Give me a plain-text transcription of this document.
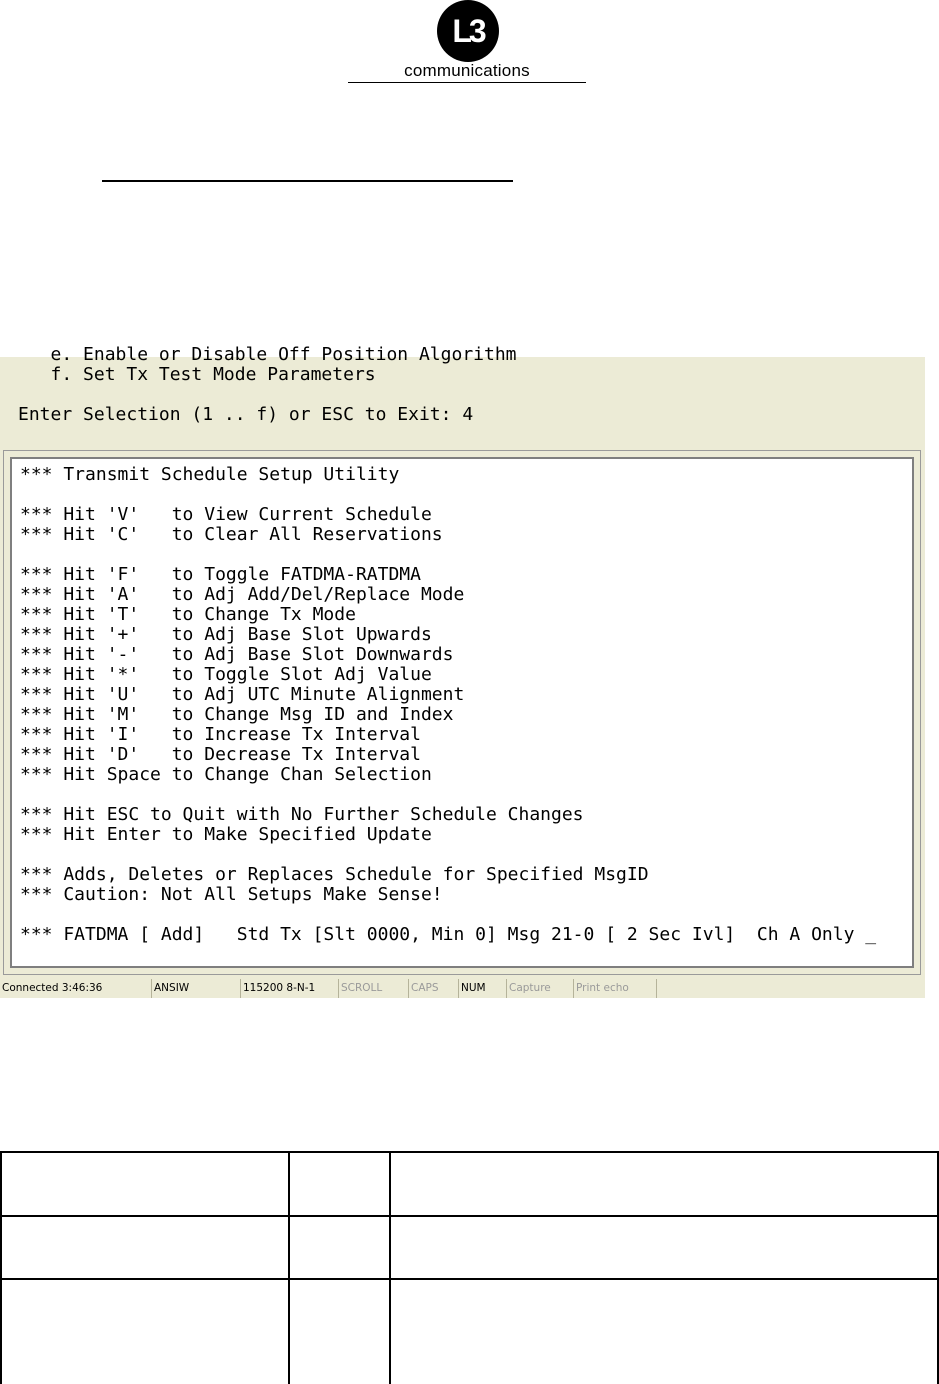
L3
communications
e. Enable or Disable Off Position Algorithm
f. Set Tx Test Mode Parameters
Enter Selection (1 .. f) or ESC to Exit: 4
*** Transmit Schedule Setup Utility
*** Hit 'V'   to View Current Schedule
*** Hit 'C'   to Clear All Reservations
*** Hit 'F'   to Toggle FATDMA-RATDMA
*** Hit 'A'   to Adj Add/Del/Replace Mode
*** Hit 'T'   to Change Tx Mode
*** Hit '+'   to Adj Base Slot Upwards
*** Hit '-'   to Adj Base Slot Downwards
*** Hit '*'   to Toggle Slot Adj Value
*** Hit 'U'   to Adj UTC Minute Alignment
*** Hit 'M'   to Change Msg ID and Index
*** Hit 'I'   to Increase Tx Interval
*** Hit 'D'   to Decrease Tx Interval
*** Hit Space to Change Chan Selection
*** Hit ESC to Quit with No Further Schedule Changes
*** Hit Enter to Make Specified Update
*** Adds, Deletes or Replaces Schedule for Specified MsgID
*** Caution: Not All Setups Make Sense!
*** FATDMA [ Add]   Std Tx [Slt 0000, Min 0] Msg 21-0 [ 2 Sec Ivl]  Ch A Only _
Connected 3:46:36	ANSIW	115200 8-N-1	SCROLL	CAPS	NUM	Capture	Print echo
